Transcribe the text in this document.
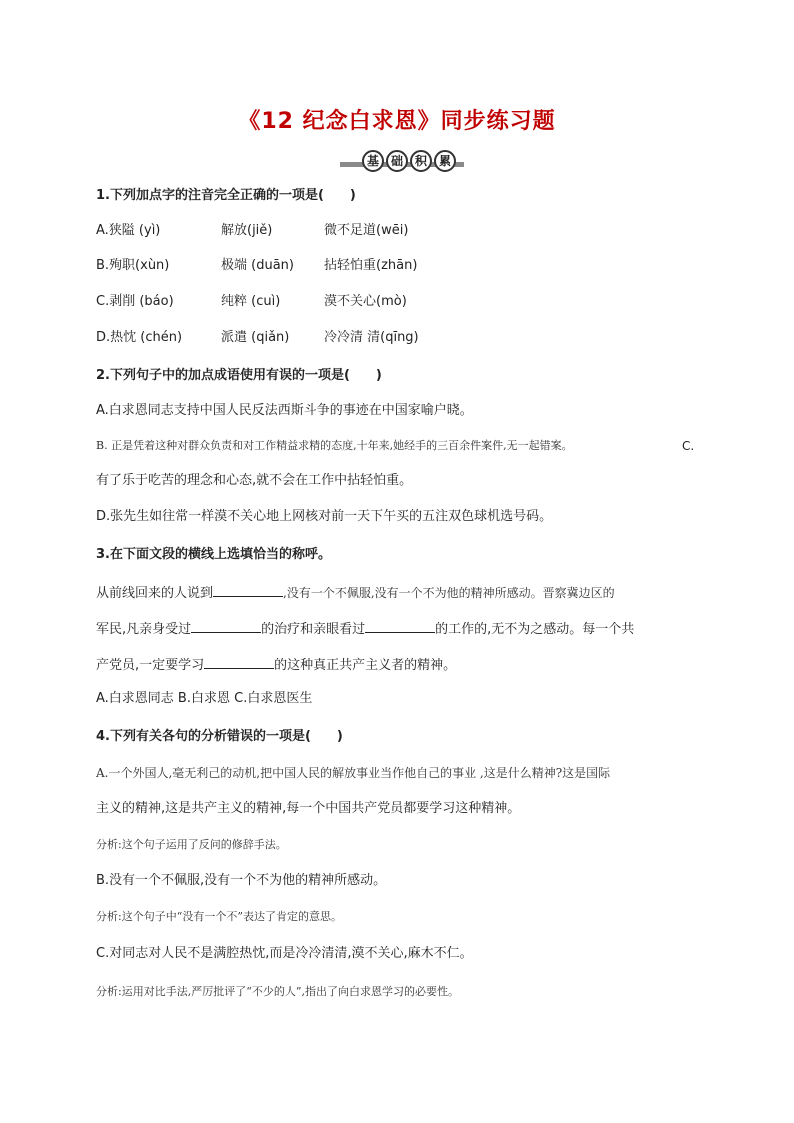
《12 纪念白求恩》同步练习题
基 础 积 累
1.下列加点字的注音完全正确的一项是(　　)
A.狭隘 (yì)	解放(jiě)	微不足道(wēi)
B.殉职(xùn)	极端 (duān) 拈轻怕重(zhān)
C.剥削 (báo)	纯粹 (cuì)	漠不关心(mò)
D.热忱 (chén)	派遣 (qiǎn)	冷冷清 清(qīng)
2.下列句子中的加点成语使用有误的一项是(　　)
A.白求恩同志支持中国人民反法西斯斗争的事迹在中国家喻户晓。
B. 正是凭着这种对群众负责和对工作精益求精的态度,十年来,她经手的三百余件案件,无一起错案。	C.
有了乐于吃苦的理念和心态,就不会在工作中拈轻怕重。
D.张先生如往常一样漠不关心地上网核对前一天下午买的五注双色球机选号码。
3.在下面文段的横线上选填恰当的称呼。
从前线回来的人说到	,没有一个不佩服,没有一个不为他的精神所感动。晋察冀边区的
军民,凡亲身受过	的治疗和亲眼看过	的工作的,无不为之感动。每一个共
产党员,一定要学习	的这种真正共产主义者的精神。
A.白求恩同志 B.白求恩 C.白求恩医生
4.下列有关各句的分析错误的一项是(　　)
A.一个外国人,毫无利己的动机,把中国人民的解放事业当作他自己的事业 ,这是什么精神?这是国际
主义的精神,这是共产主义的精神,每一个中国共产党员都要学习这种精神。
分析:这个句子运用了反问的修辞手法。
B.没有一个不佩服,没有一个不为他的精神所感动。
分析:这个句子中“没有一个不”表达了肯定的意思。
C.对同志对人民不是满腔热忱,而是冷冷清清,漠不关心,麻木不仁。
分析:运用对比手法,严厉批评了“不少的人”,指出了向白求恩学习的必要性。
